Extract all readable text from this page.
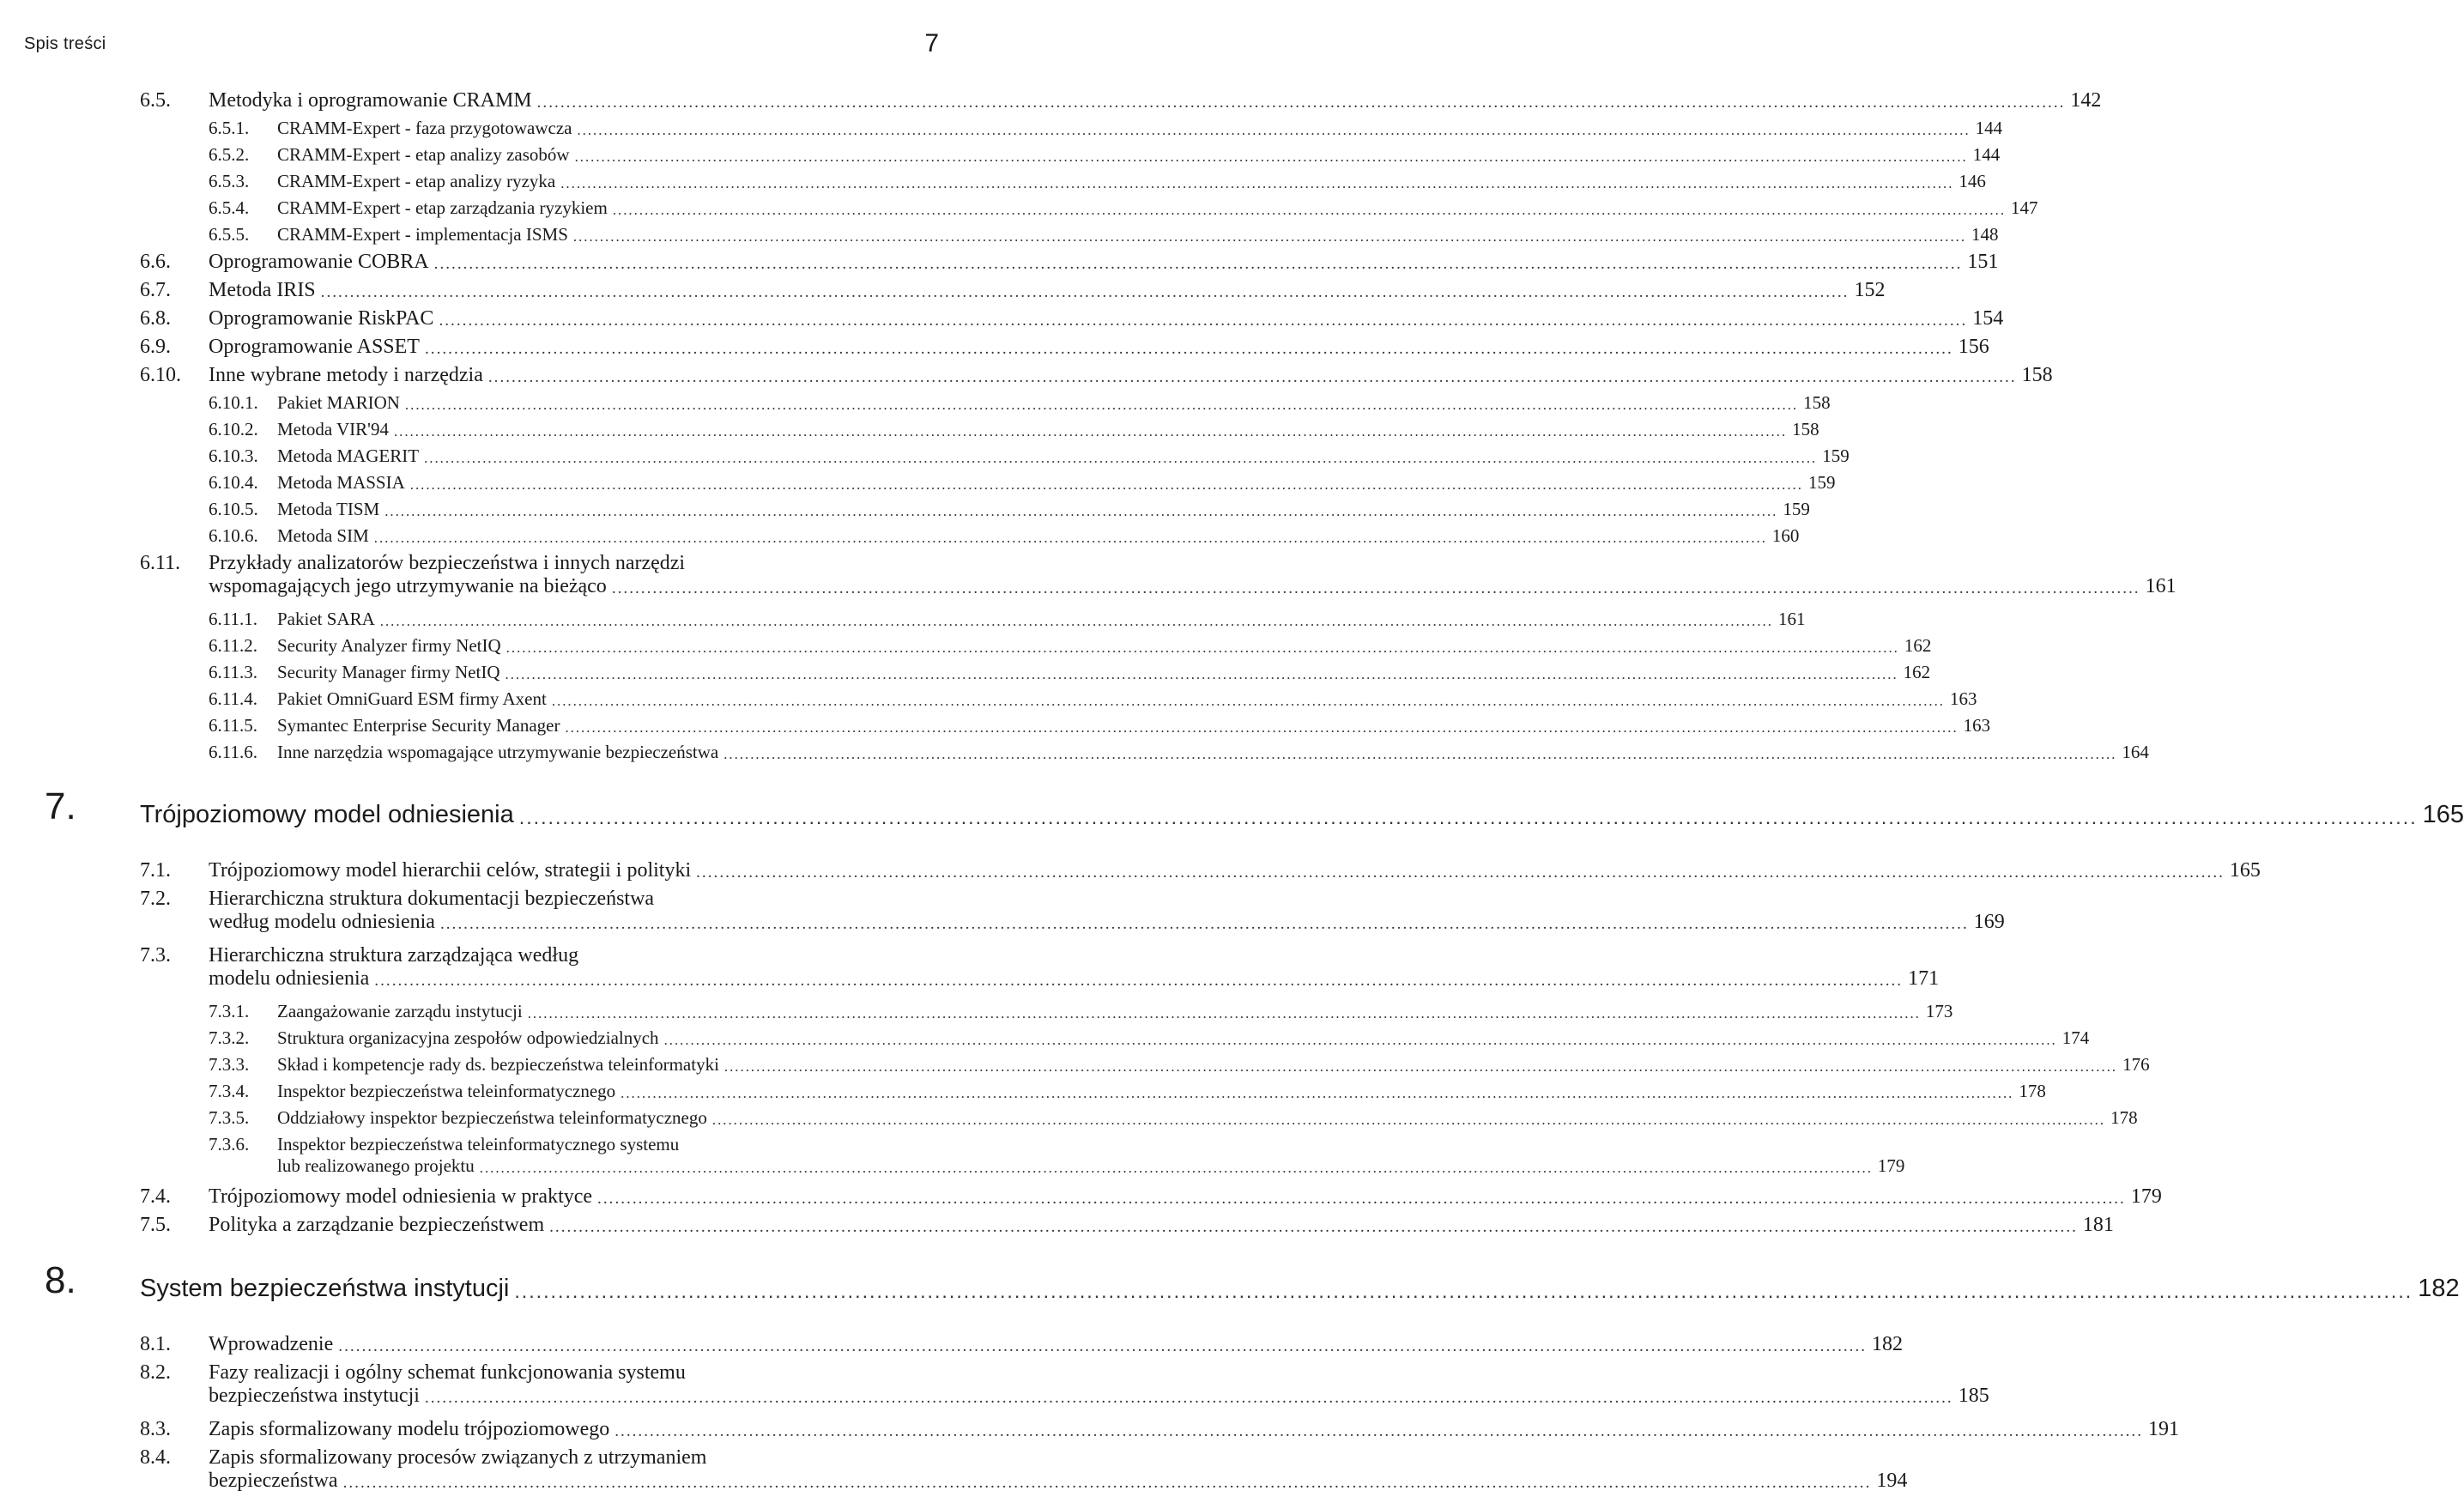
Spis treści	7
6.5. Metodyka i oprogramowanie CRAMM .....	142
6.5.1. CRAMM-Expert - faza przygotowawcza .....	144
6.5.2. CRAMM-Expert - etap analizy zasobów .....	144
6.5.3. CRAMM-Expert - etap analizy ryzyka .....	146
6.5.4. CRAMM-Expert - etap zarządzania ryzykiem .....	147
6.5.5. CRAMM-Expert - implementacja ISMS .....	148
6.6. Oprogramowanie COBRA .....	151
6.7. Metoda IRIS .....	152
6.8. Oprogramowanie RiskPAC .....	154
6.9. Oprogramowanie ASSET .....	156
6.10. Inne wybrane metody i narzędzia .....	158
6.10.1. Pakiet MARION .....	158
6.10.2. Metoda VIR'94 .....	158
6.10.3. Metoda MAGERIT .....	159
6.10.4. Metoda MASSIA .....	159
6.10.5. Metoda TISM .....	159
6.10.6. Metoda SIM .....	160
6.11. Przykłady analizatorów bezpieczeństwa i innych narzędzi
wspomagających jego utrzymywanie na bieżąco .....	161
6.11.1. Pakiet SARA .....	161
6.11.2. Security Analyzer firmy NetIQ .....	162
6.11.3. Security Manager firmy NetIQ .....	162
6.11.4. Pakiet OmniGuard ESM firmy Axent .....	163
6.11.5. Symantec Enterprise Security Manager .....	163
6.11.6. Inne narzędzia wspomagające utrzymywanie bezpieczeństwa .....	164
7.	Trójpoziomowy model odniesienia .....	165
7.1. Trójpoziomowy model hierarchii celów, strategii i polityki .....	165
7.2. Hierarchiczna struktura dokumentacji bezpieczeństwa
według modelu odniesienia .....	169
7.3. Hierarchiczna struktura zarządzająca według
modelu odniesienia .....	171
7.3.1. Zaangażowanie zarządu instytucji .....	173
7.3.2. Struktura organizacyjna zespołów odpowiedzialnych .....	174
7.3.3. Skład i kompetencje rady ds. bezpieczeństwa teleinformatyki .....	176
7.3.4. Inspektor bezpieczeństwa teleinformatycznego .....	178
7.3.5. Oddziałowy inspektor bezpieczeństwa teleinformatycznego .....	178
7.3.6. Inspektor bezpieczeństwa teleinformatycznego systemu
lub realizowanego projektu .....	179
7.4. Trójpoziomowy model odniesienia w praktyce .....	179
7.5. Polityka a zarządzanie bezpieczeństwem .....	181
8.	System bezpieczeństwa instytucji .....	182
8.1. Wprowadzenie .....	182
8.2. Fazy realizacji i ogólny schemat funkcjonowania systemu
bezpieczeństwa instytucji .....	185
8.3. Zapis sformalizowany modelu trójpoziomowego .....	191
8.4. Zapis sformalizowany procesów związanych z utrzymaniem
bezpieczeństwa .....	194
